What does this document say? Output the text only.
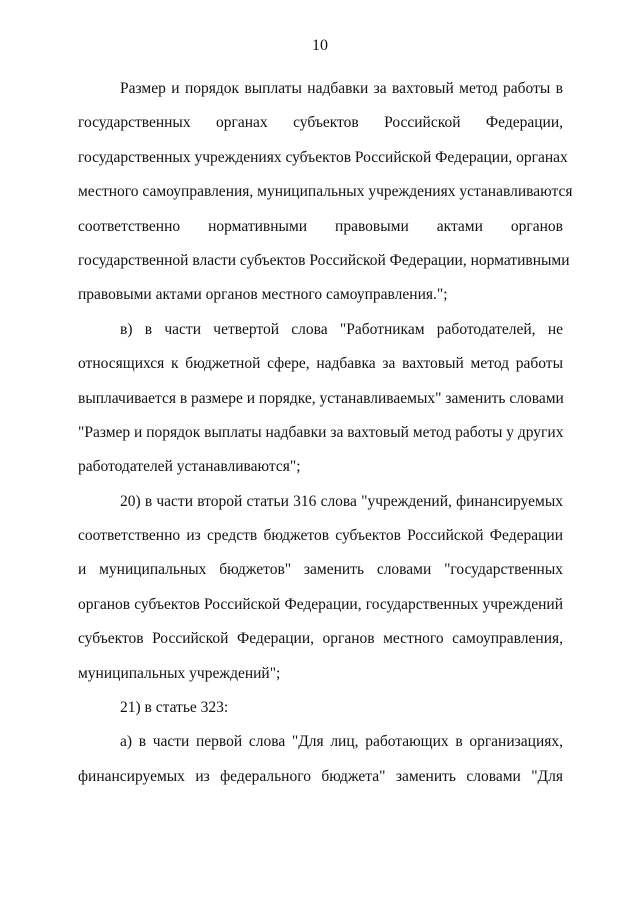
10
Размер и порядок выплаты надбавки за вахтовый метод работы в
государственных органах субъектов Российской Федерации,
государственных учреждениях субъектов Российской Федерации, органах
местного самоуправления, муниципальных учреждениях устанавливаются
соответственно нормативными правовыми актами органов
государственной власти субъектов Российской Федерации, нормативными
правовыми актами органов местного самоуправления.";
в) в части четвертой слова "Работникам работодателей, не
относящихся к бюджетной сфере, надбавка за вахтовый метод работы
выплачивается в размере и порядке, устанавливаемых" заменить словами
"Размер и порядок выплаты надбавки за вахтовый метод работы у других
работодателей устанавливаются";
20) в части второй статьи 316 слова "учреждений, финансируемых
соответственно из средств бюджетов субъектов Российской Федерации
и муниципальных бюджетов" заменить словами "государственных
органов субъектов Российской Федерации, государственных учреждений
субъектов Российской Федерации, органов местного самоуправления,
муниципальных учреждений";
21) в статье 323:
а) в части первой слова "Для лиц, работающих в организациях,
финансируемых из федерального бюджета" заменить словами "Для
